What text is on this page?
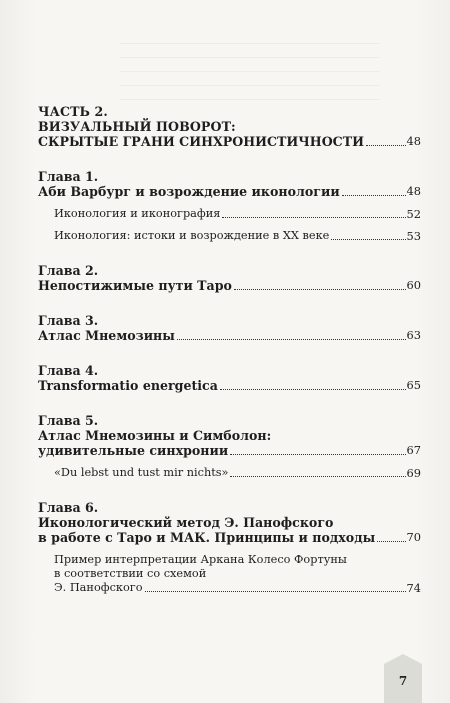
ЧАСТЬ 2.
ВИЗУАЛЬНЫЙ ПОВОРОТ:
СКРЫТЫЕ ГРАНИ СИНХРОНИСТИЧНОСТИ	48
Глава 1.
Аби Варбург и возрождение иконологии	48
Иконология и иконография	52
Иконология: истоки и возрождение в XX веке	53
Глава 2.
Непостижимые пути Таро	60
Глава 3.
Атлас Мнемозины	63
Глава 4.
Transformatio energetica	65
Глава 5.
Атлас Мнемозины и Симболон:
удивительные синхронии	67
«Du lebst und tust mir nichts»	69
Глава 6.
Иконологический метод Э. Панофского
в работе с Таро и МАК. Принципы и подходы	70
Пример интерпретации Аркана Колесо Фортуны
в соответствии со схемой
Э. Панофского	74
7
